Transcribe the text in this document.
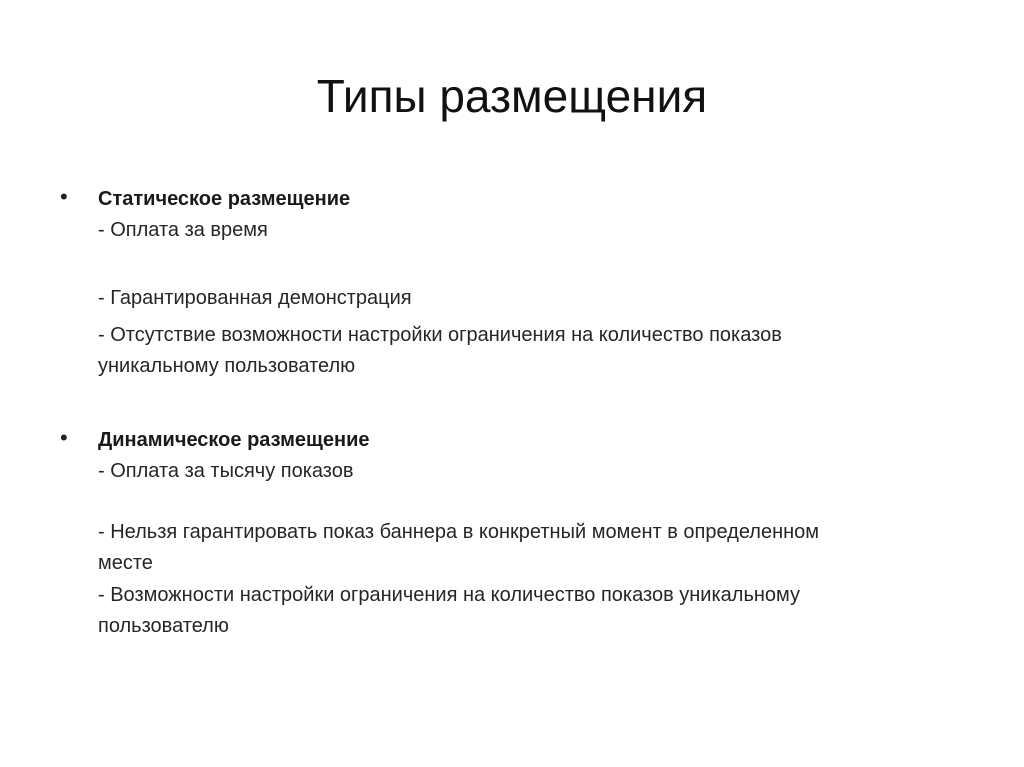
Типы размещения
• Статическое размещение
- Оплата за время
- Гарантированная демонстрация
- Отсутствие возможности настройки ограничения на количество показов
уникальному пользователю
• Динамическое размещение
- Оплата за тысячу показов
- Нельзя гарантировать показ баннера в конкретный момент в определенном
месте
- Возможности настройки ограничения на количество показов уникальному
пользователю
